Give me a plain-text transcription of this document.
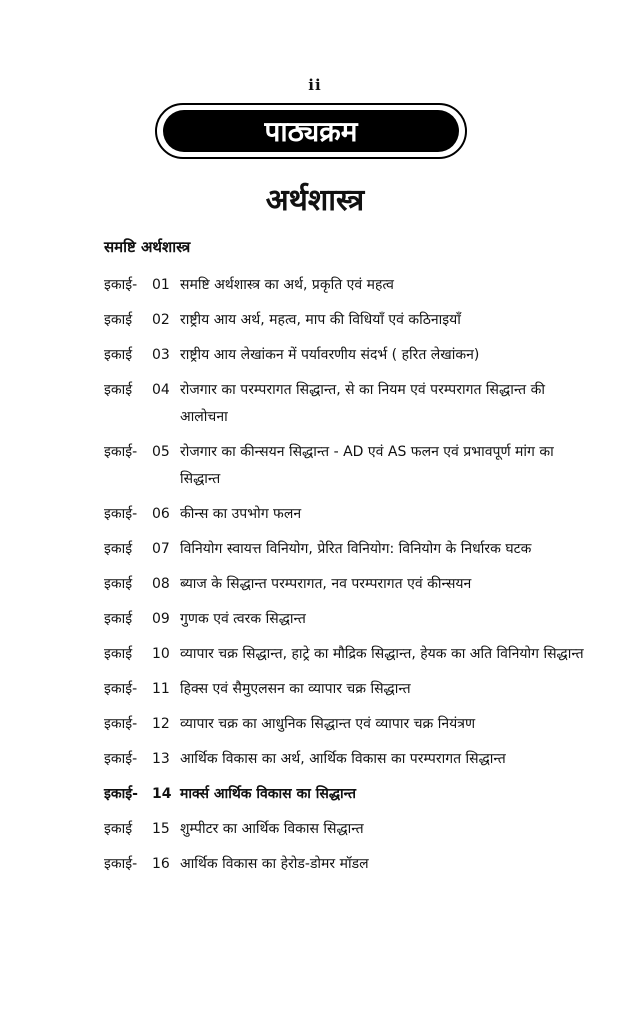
ii
पाठ्यक्रम
अर्थशास्त्र
समष्टि अर्थशास्त्र
इकाई-	01 समष्टि अर्थशास्त्र का अर्थ, प्रकृति एवं महत्व
इकाई	02 राष्ट्रीय आय अर्थ, महत्व, माप की विधियाँ एवं कठिनाइयाँ
इकाई	03 राष्ट्रीय आय लेखांकन में पर्यावरणीय संदर्भ ( हरित लेखांकन)
इकाई	04 रोजगार का परम्परागत सिद्धान्त, से का नियम एवं परम्परागत सिद्धान्त की आलोचना
इकाई-	05 रोजगार का कीन्सयन सिद्धान्त - AD एवं AS फलन एवं प्रभावपूर्ण मांग का सिद्धान्त
इकाई-	06 कीन्स का उपभोग फलन
इकाई	07 विनियोग स्वायत्त विनियोग, प्रेरित विनियोग: विनियोग के निर्धारक घटक
इकाई	08 ब्याज के सिद्धान्त परम्परागत, नव परम्परागत एवं कीन्सयन
इकाई	09 गुणक एवं त्वरक सिद्धान्त
इकाई	10 व्यापार चक्र सिद्धान्त, हाट्रे का मौद्रिक सिद्धान्त, हेयक का अति विनियोग सिद्धान्त
इकाई-	11 हिक्स एवं सैमुएलसन का व्यापार चक्र सिद्धान्त
इकाई-	12 व्यापार चक्र का आधुनिक सिद्धान्त एवं व्यापार चक्र नियंत्रण
इकाई-	13 आर्थिक विकास का अर्थ, आर्थिक विकास का परम्परागत सिद्धान्त
इकाई-	14 मार्क्स आर्थिक विकास का सिद्धान्त
इकाई	15 शुम्पीटर का आर्थिक विकास सिद्धान्त
इकाई-	16 आर्थिक विकास का हेरोड-डोमर मॉडल
